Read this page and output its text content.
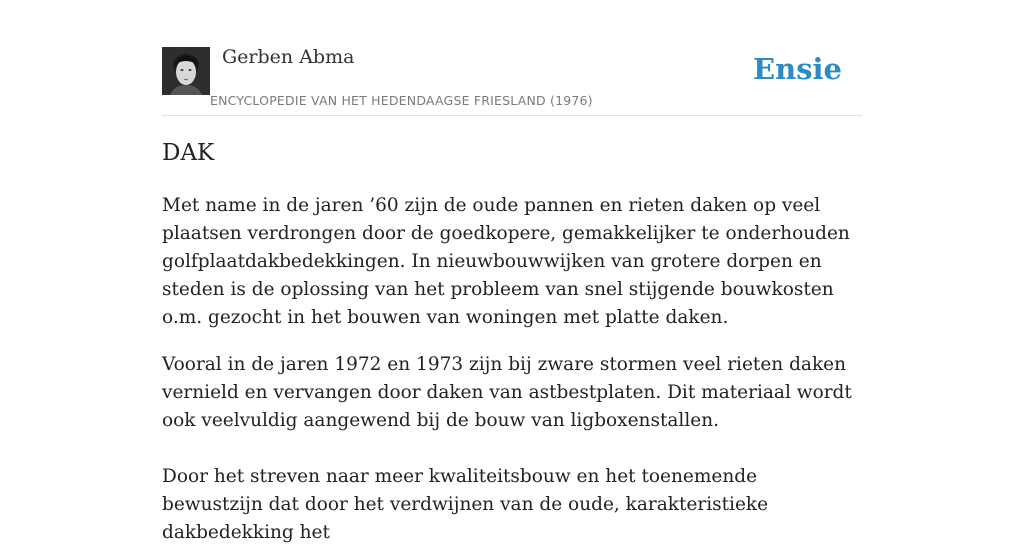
Gerben Abma
ENCYCLOPEDIE VAN HET HEDENDAAGSE FRIESLAND (1976)
Ensie
DAK

Met name in de jaren ’60 zijn de oude pannen en rieten daken op veel plaatsen verdrongen door de goedkopere, gemakkelijker te onderhouden golfplaatdakbedekkingen. In nieuwbouwwijken van grotere dorpen en steden is de oplossing van het probleem van snel stijgende bouwkosten o.m. gezocht in het bouwen van woningen met platte daken.

Vooral in de jaren 1972 en 1973 zijn bij zware stormen veel rieten daken vernield en vervangen door daken van astbestplaten. Dit materiaal wordt ook veelvuldig aangewend bij de bouw van ligboxenstallen.

Door het streven naar meer kwaliteitsbouw en het toenemende bewustzijn dat door het verdwijnen van de oude, karakteristieke dakbedekking het
